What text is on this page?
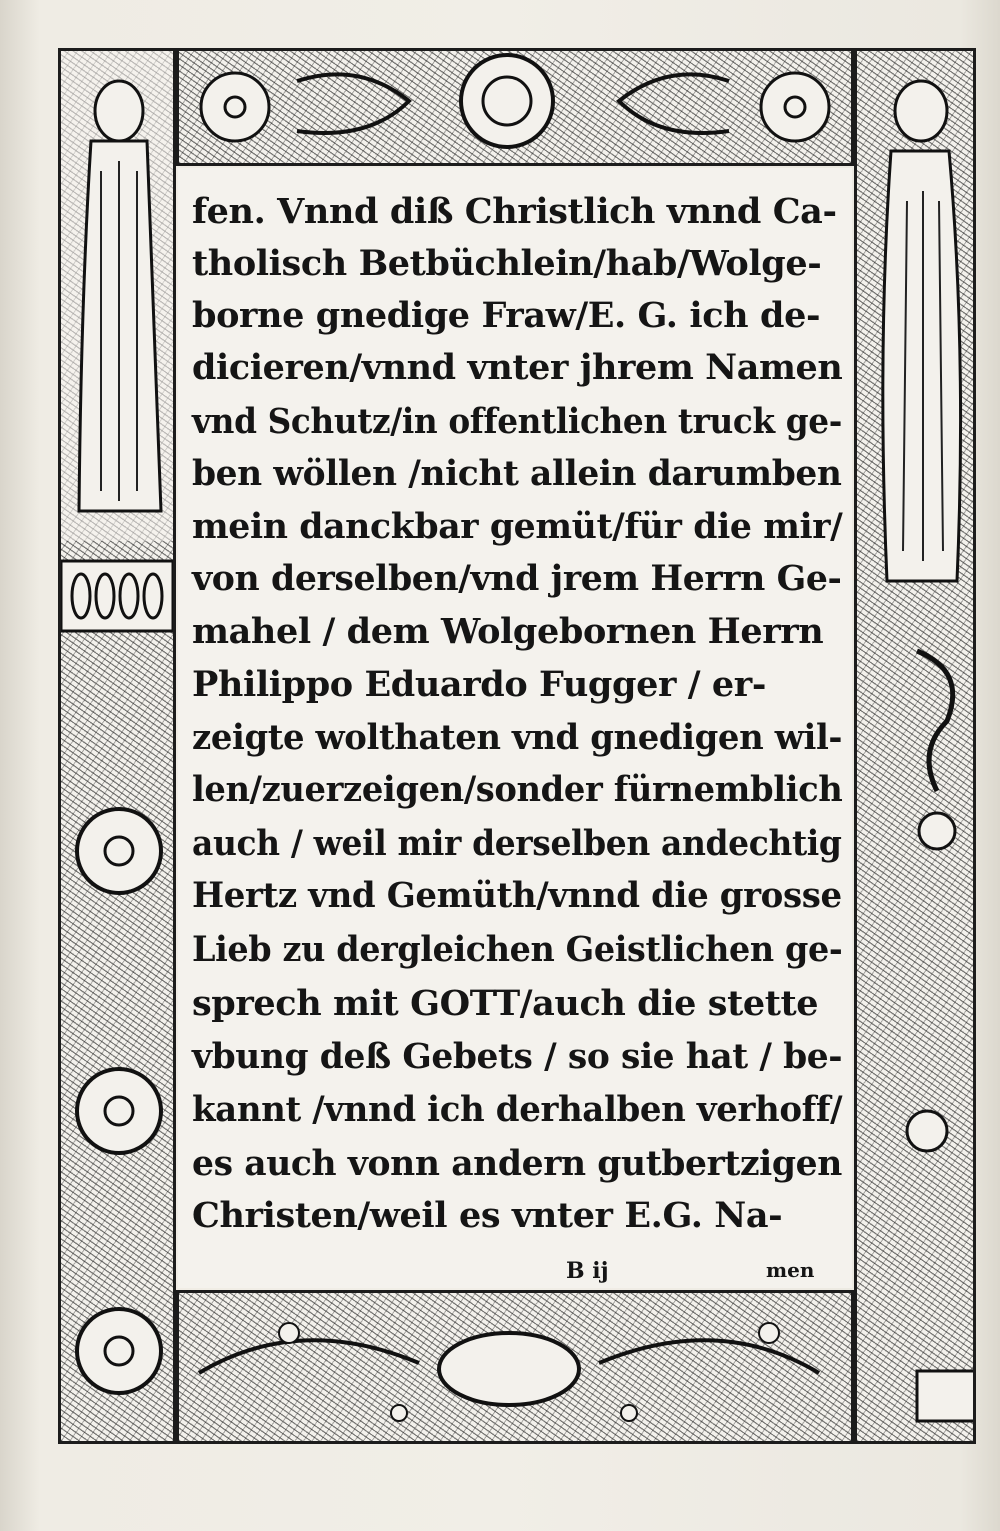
fen. Vnnd diß Christlich vnnd Ca-
tholisch Betbüchlein/hab/Wolge-
borne gnedige Fraw/E. G. ich de-
dicieren/vnnd vnter jhrem Namen
vnd Schutz/in offentlichen truck ge-
ben wöllen /nicht allein darumben
mein danckbar gemüt/für die mir/
von derselben/vnd jrem Herrn Ge-
mahel / dem Wolgebornen Herrn
Philippo Eduardo Fugger / er-
zeigte wolthaten vnd gnedigen wil-
len/zuerzeigen/sonder fürnemblich
auch / weil mir derselben andechtig
Hertz vnd Gemüth/vnnd die grosse
Lieb zu dergleichen Geistlichen ge-
sprech mit GOTT/auch die stette
vbung deß Gebets / so sie hat / be-
kannt /vnnd ich derhalben verhoff/
es auch vonn andern gutbertzigen
Christen/weil es vnter E.G. Na-
B ij	men
